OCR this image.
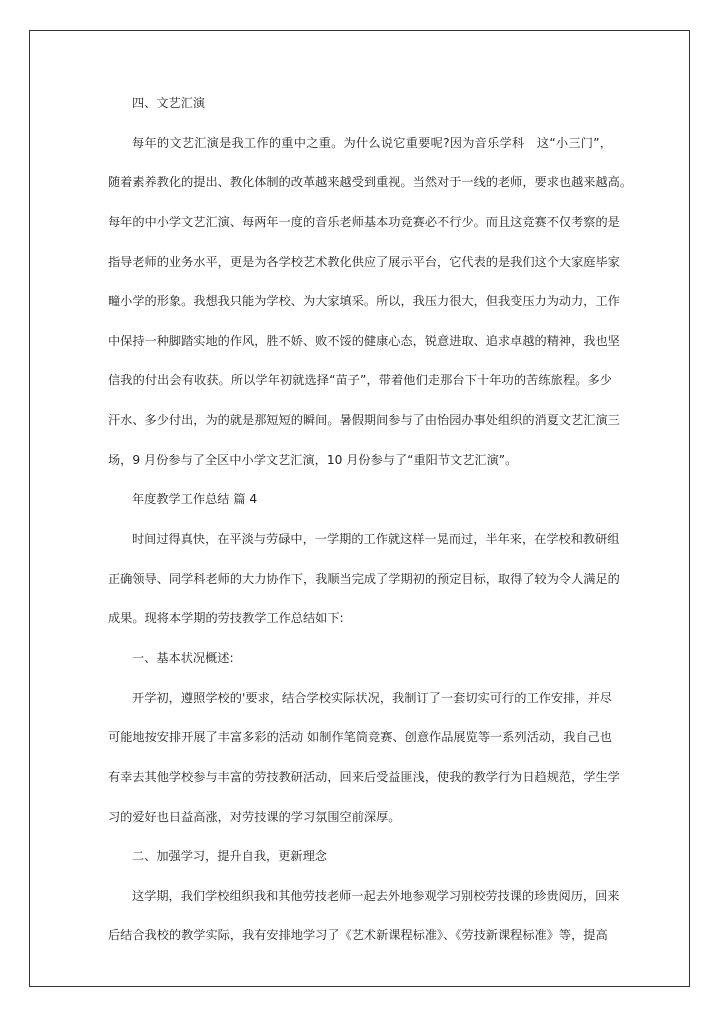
四、文艺汇演
每年的文艺汇演是我工作的重中之重。为什么说它重要呢?因为音乐学科　这“小三门”，
随着素养教化的提出、教化体制的改革越来越受到重视。当然对于一线的老师，要求也越来越高。
每年的中小学文艺汇演、每两年一度的音乐老师基本功竞赛必不行少。而且这竞赛不仅考察的是
指导老师的业务水平，更是为各学校艺术教化供应了展示平台，它代表的是我们这个大家庭毕家
疃小学的形象。我想我只能为学校、为大家填采。所以，我压力很大，但我变压力为动力，工作
中保持一种脚踏实地的作风，胜不娇、败不馁的健康心态，锐意进取、追求卓越的精神，我也坚
信我的付出会有收获。所以学年初就选择“苗子”，带着他们走那台下十年功的苦练旅程。多少
汗水、多少付出，为的就是那短短的瞬间。暑假期间参与了由怡园办事处组织的消夏文艺汇演三
场，9 月份参与了全区中小学文艺汇演，10 月份参与了“重阳节文艺汇演”。
年度教学工作总结 篇 4
时间过得真快，在平淡与劳碌中，一学期的工作就这样一晃而过，半年来，在学校和教研组
正确领导、同学科老师的大力协作下，我顺当完成了学期初的预定目标，取得了较为令人满足的
成果。现将本学期的劳技教学工作总结如下:
一、基本状况概述:
开学初，遵照学校的'要求，结合学校实际状况，我制订了一套切实可行的工作安排，并尽
可能地按安排开展了丰富多彩的活动 如制作笔筒竞赛、创意作品展览等一系列活动，我自己也
有幸去其他学校参与丰富的劳技教研活动，回来后受益匪浅，使我的教学行为日趋规范，学生学
习的爱好也日益高涨，对劳技课的学习氛围空前深厚。
二、加强学习，提升自我，更新理念
这学期，我们学校组织我和其他劳技老师一起去外地参观学习别校劳技课的珍贵阅历，回来
后结合我校的教学实际，我有安排地学习了《艺术新课程标准》、《劳技新课程标准》等，提高
